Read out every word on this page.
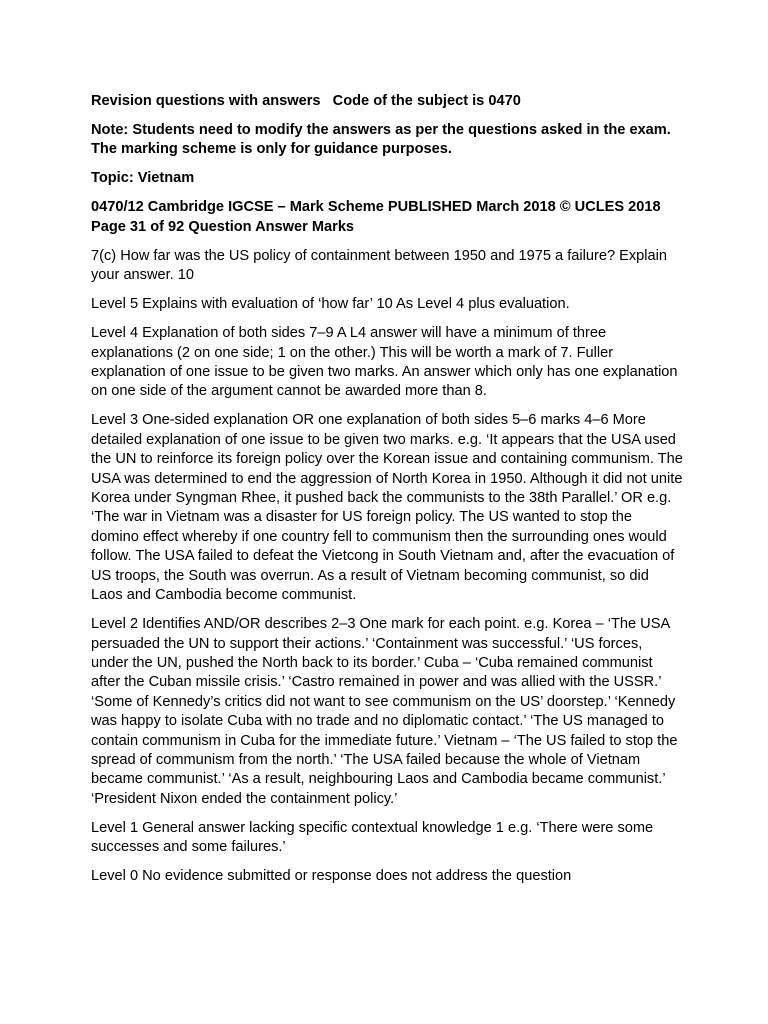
Revision questions with answers   Code of the subject is 0470

Note: Students need to modify the answers as per the questions asked in the exam. The marking scheme is only for guidance purposes.

Topic: Vietnam

0470/12 Cambridge IGCSE – Mark Scheme PUBLISHED March 2018 © UCLES 2018 Page 31 of 92 Question Answer Marks

7(c) How far was the US policy of containment between 1950 and 1975 a failure? Explain your answer. 10

Level 5 Explains with evaluation of ‘how far’ 10 As Level 4 plus evaluation.

Level 4 Explanation of both sides 7–9 A L4 answer will have a minimum of three explanations (2 on one side; 1 on the other.) This will be worth a mark of 7. Fuller explanation of one issue to be given two marks. An answer which only has one explanation on one side of the argument cannot be awarded more than 8.

Level 3 One-sided explanation OR one explanation of both sides 5–6 marks 4–6 More detailed explanation of one issue to be given two marks. e.g. ‘It appears that the USA used the UN to reinforce its foreign policy over the Korean issue and containing communism. The USA was determined to end the aggression of North Korea in 1950. Although it did not unite Korea under Syngman Rhee, it pushed back the communists to the 38th Parallel.’ OR e.g. ‘The war in Vietnam was a disaster for US foreign policy. The US wanted to stop the domino effect whereby if one country fell to communism then the surrounding ones would follow. The USA failed to defeat the Vietcong in South Vietnam and, after the evacuation of US troops, the South was overrun. As a result of Vietnam becoming communist, so did Laos and Cambodia become communist.

Level 2 Identifies AND/OR describes 2–3 One mark for each point. e.g. Korea – ‘The USA persuaded the UN to support their actions.’ ‘Containment was successful.’ ‘US forces, under the UN, pushed the North back to its border.’ Cuba – ‘Cuba remained communist after the Cuban missile crisis.’ ‘Castro remained in power and was allied with the USSR.’ ‘Some of Kennedy’s critics did not want to see communism on the US’ doorstep.’ ‘Kennedy was happy to isolate Cuba with no trade and no diplomatic contact.’ ‘The US managed to contain communism in Cuba for the immediate future.’ Vietnam – ‘The US failed to stop the spread of communism from the north.’ ‘The USA failed because the whole of Vietnam became communist.’ ‘As a result, neighbouring Laos and Cambodia became communist.’ ‘President Nixon ended the containment policy.’

Level 1 General answer lacking specific contextual knowledge 1 e.g. ‘There were some successes and some failures.’

Level 0 No evidence submitted or response does not address the question
